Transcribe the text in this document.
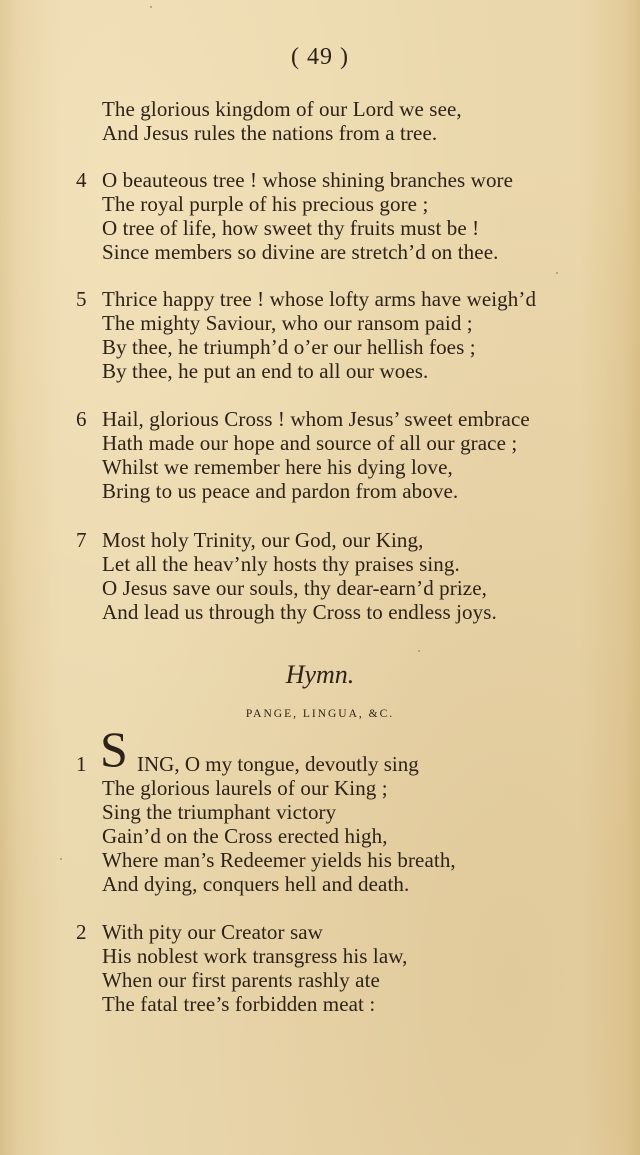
( 49 )
The glorious kingdom of our Lord we see,
And Jesus rules the nations from a tree.
4 O beauteous tree ! whose shining branches wore
The royal purple of his precious gore ;
O tree of life, how sweet thy fruits must be !
Since members so divine are stretch’d on thee.
5 Thrice happy tree ! whose lofty arms have weigh’d
The mighty Saviour, who our ransom paid ;
By thee, he triumph’d o’er our hellish foes ;
By thee, he put an end to all our woes.
6 Hail, glorious Cross ! whom Jesus’ sweet embrace
Hath made our hope and source of all our grace ;
Whilst we remember here his dying love,
Bring to us peace and pardon from above.
7 Most holy Trinity, our God, our King,
Let all the heav’nly hosts thy praises sing.
O Jesus save our souls, thy dear-earn’d prize,
And lead us through thy Cross to endless joys.
Hymn.
PANGE, LINGUA, &C.
1 S ING, O my tongue, devoutly sing
The glorious laurels of our King ;
Sing the triumphant victory
Gain’d on the Cross erected high,
Where man’s Redeemer yields his breath,
And dying, conquers hell and death.
2 With pity our Creator saw
His noblest work transgress his law,
When our first parents rashly ate
The fatal tree’s forbidden meat :
